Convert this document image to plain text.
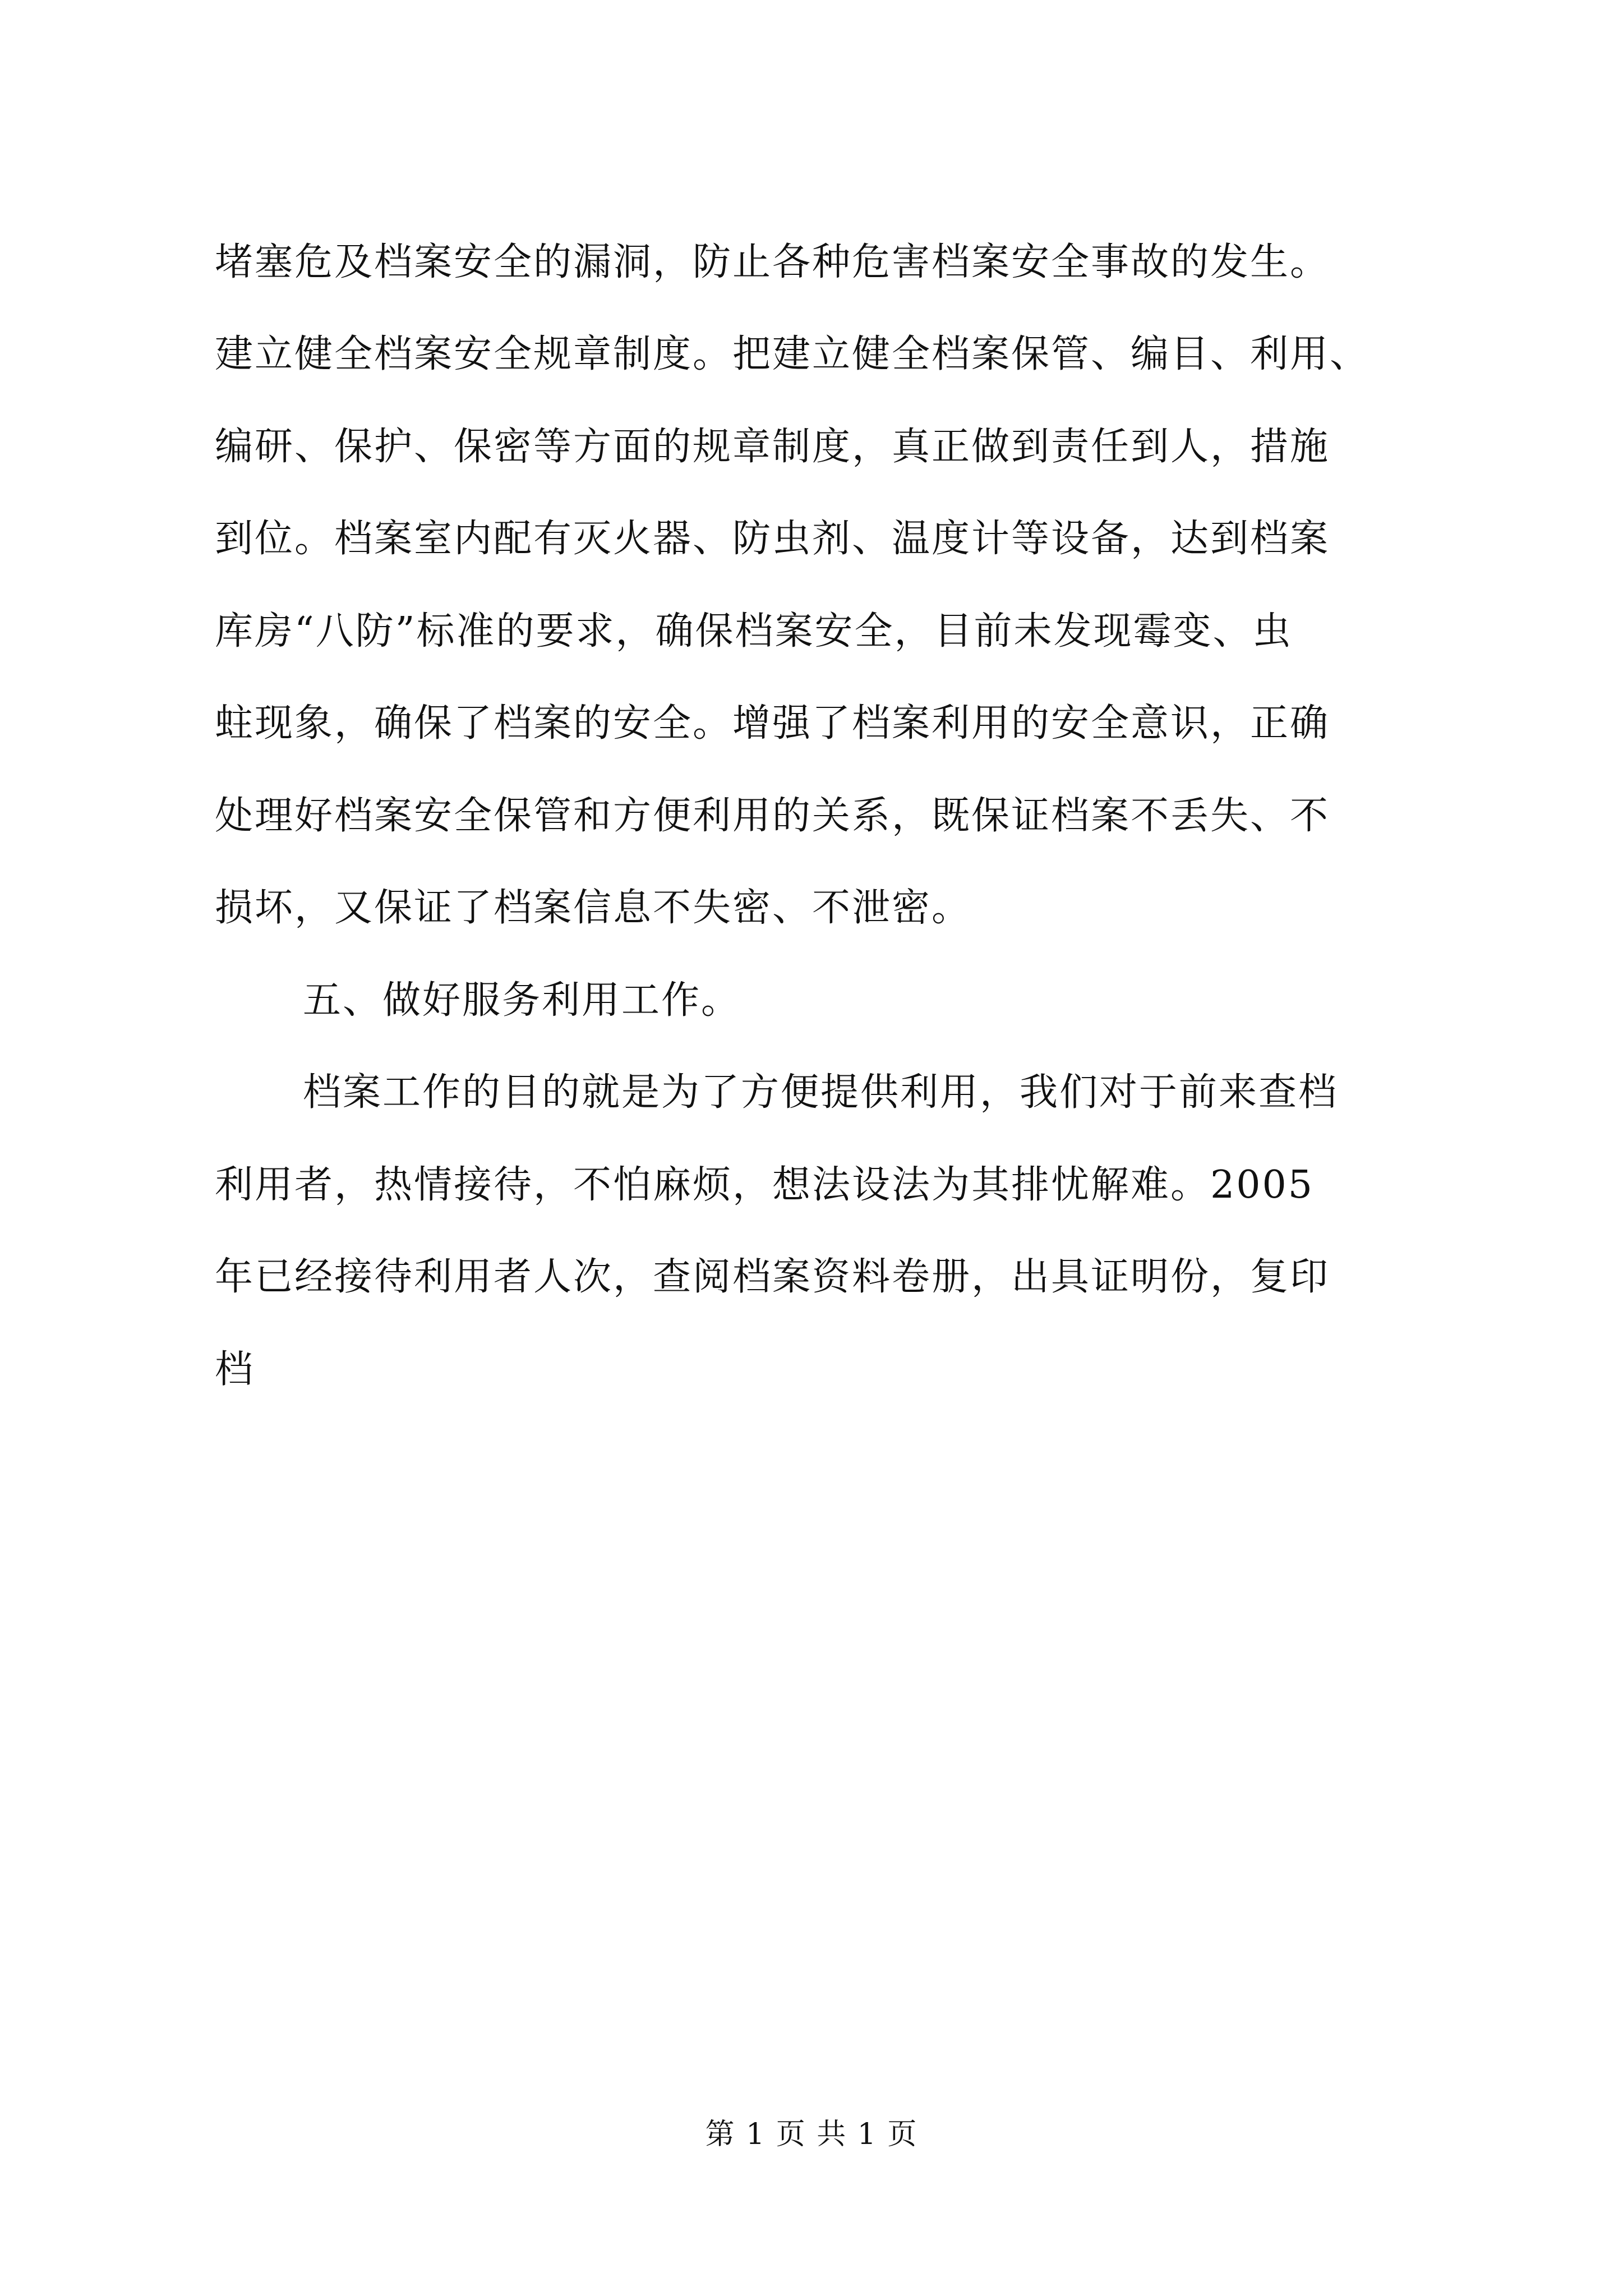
堵塞危及档案安全的漏洞，防止各种危害档案安全事故的发生。
建立健全档案安全规章制度。把建立健全档案保管、编目、利用、
编研、保护、保密等方面的规章制度，真正做到责任到人，措施
到位。档案室内配有灭火器、防虫剂、温度计等设备，达到档案
库房“八防”标准的要求，确保档案安全，目前未发现霉变、虫
蛀现象，确保了档案的安全。增强了档案利用的安全意识，正确
处理好档案安全保管和方便利用的关系，既保证档案不丢失、不
损坏，又保证了档案信息不失密、不泄密。
五、做好服务利用工作。
档案工作的目的就是为了方便提供利用，我们对于前来查档
利用者，热情接待，不怕麻烦，想法设法为其排忧解难。2005
年已经接待利用者人次，查阅档案资料卷册，出具证明份，复印
档
第 1 页 共 1 页
